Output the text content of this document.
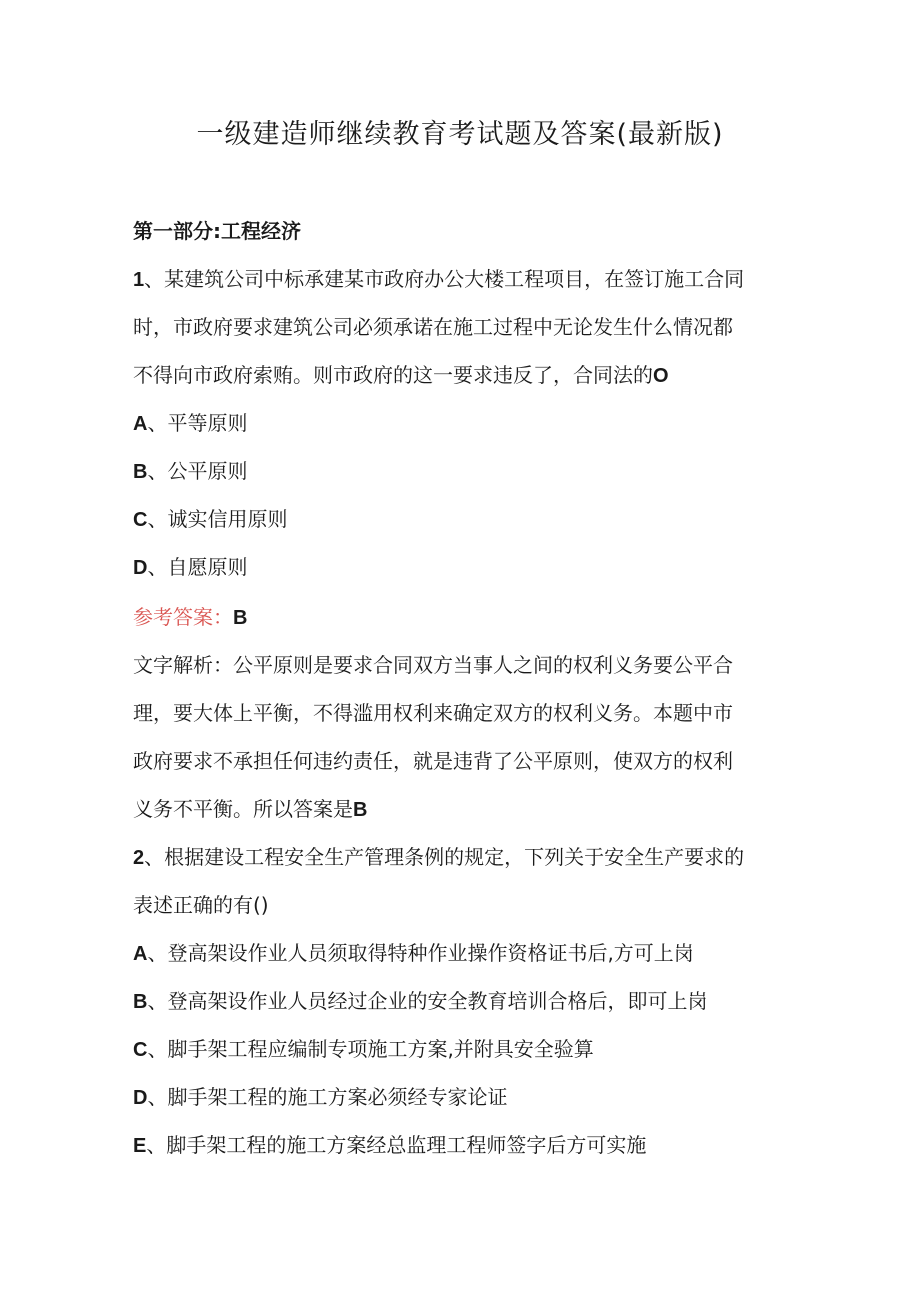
一级建造师继续教育考试题及答案(最新版)
第一部分:工程经济
1、某建筑公司中标承建某市政府办公大楼工程项目，在签订施工合同
时，市政府要求建筑公司必须承诺在施工过程中无论发生什么情况都
不得向市政府索贿。则市政府的这一要求违反了，合同法的O
A、平等原则
B、公平原则
C、诚实信用原则
D、自愿原则
参考答案：B
文字解析：公平原则是要求合同双方当事人之间的权利义务要公平合
理，要大体上平衡，不得滥用权利来确定双方的权利义务。本题中市
政府要求不承担任何违约责任，就是违背了公平原则，使双方的权利
义务不平衡。所以答案是B
2、根据建设工程安全生产管理条例的规定，下列关于安全生产要求的
表述正确的有()
A、登高架设作业人员须取得特种作业操作资格证书后,方可上岗
B、登高架设作业人员经过企业的安全教育培训合格后，即可上岗
C、脚手架工程应编制专项施工方案,并附具安全验算
D、脚手架工程的施工方案必须经专家论证
E、脚手架工程的施工方案经总监理工程师签字后方可实施
